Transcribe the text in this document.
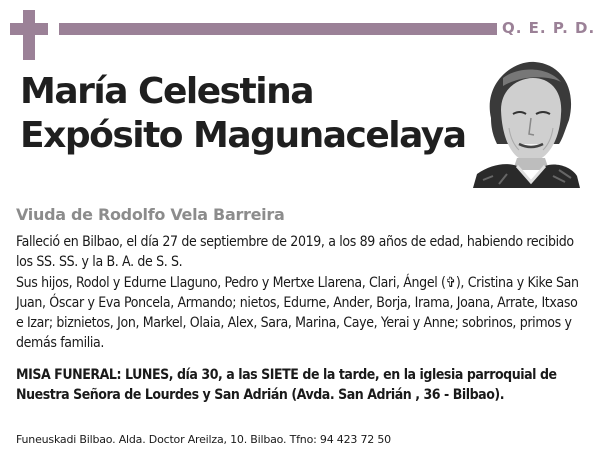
Q. E. P. D.
María Celestina
Expósito Magunacelaya
Viuda de Rodolfo Vela Barreira
Falleció en Bilbao, el día 27 de septiembre de 2019, a los 89 años de edad, habiendo recibido los SS. SS. y la B. A. de S. S.
Sus hijos, Rodol y Edurne Llaguno, Pedro y Mertxe Llarena, Clari, Ángel (✞), Cristina y Kike San Juan, Óscar y Eva Poncela, Armando; nietos, Edurne, Ander, Borja, Irama, Joana, Arrate, Itxaso e Izar; biznietos, Jon, Markel, Olaia, Alex, Sara, Marina, Caye, Yerai y Anne; sobrinos, primos y demás familia.
MISA FUNERAL: LUNES, día 30, a las SIETE de la tarde, en la iglesia parroquial de Nuestra Señora de Lourdes y San Adrián (Avda. San Adrián , 36 - Bilbao).
Funeuskadi Bilbao. Alda. Doctor Areilza, 10. Bilbao. Tfno: 94 423 72 50
